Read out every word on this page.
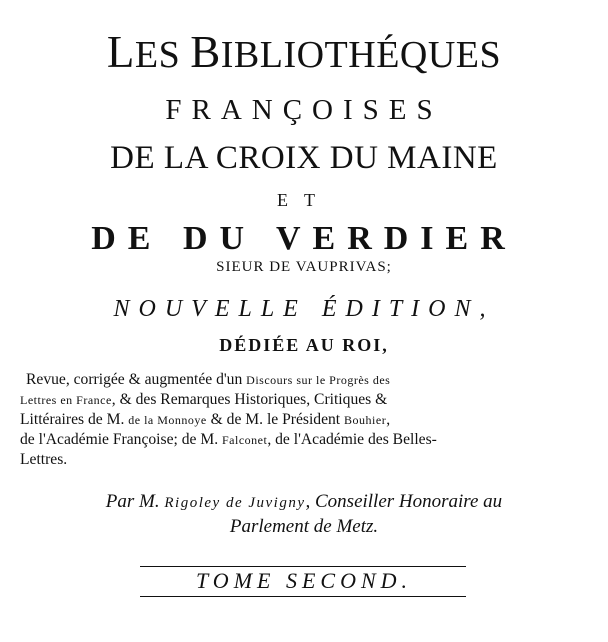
LES BIBLIOTHÉQUES
FRANÇOISES
DE LA CROIX DU MAINE
ET
DE DU VERDIER
SIEUR DE VAUPRIVAS;
NOUVELLE ÉDITION,
DÉDIÉE AU ROI,

Revue, corrigée & augmentée d'un Discours sur le Progrès des
Lettres en France, & des Remarques Historiques, Critiques &
Littéraires de M. de la Monnoye & de M. le Président Bouhier,
de l'Académie Françoise; de M. Falconet, de l'Académie des Belles-
Lettres.

Par M. Rigoley de Juvigny, Conseiller Honoraire au
Parlement de Metz.

TOME SECOND.
